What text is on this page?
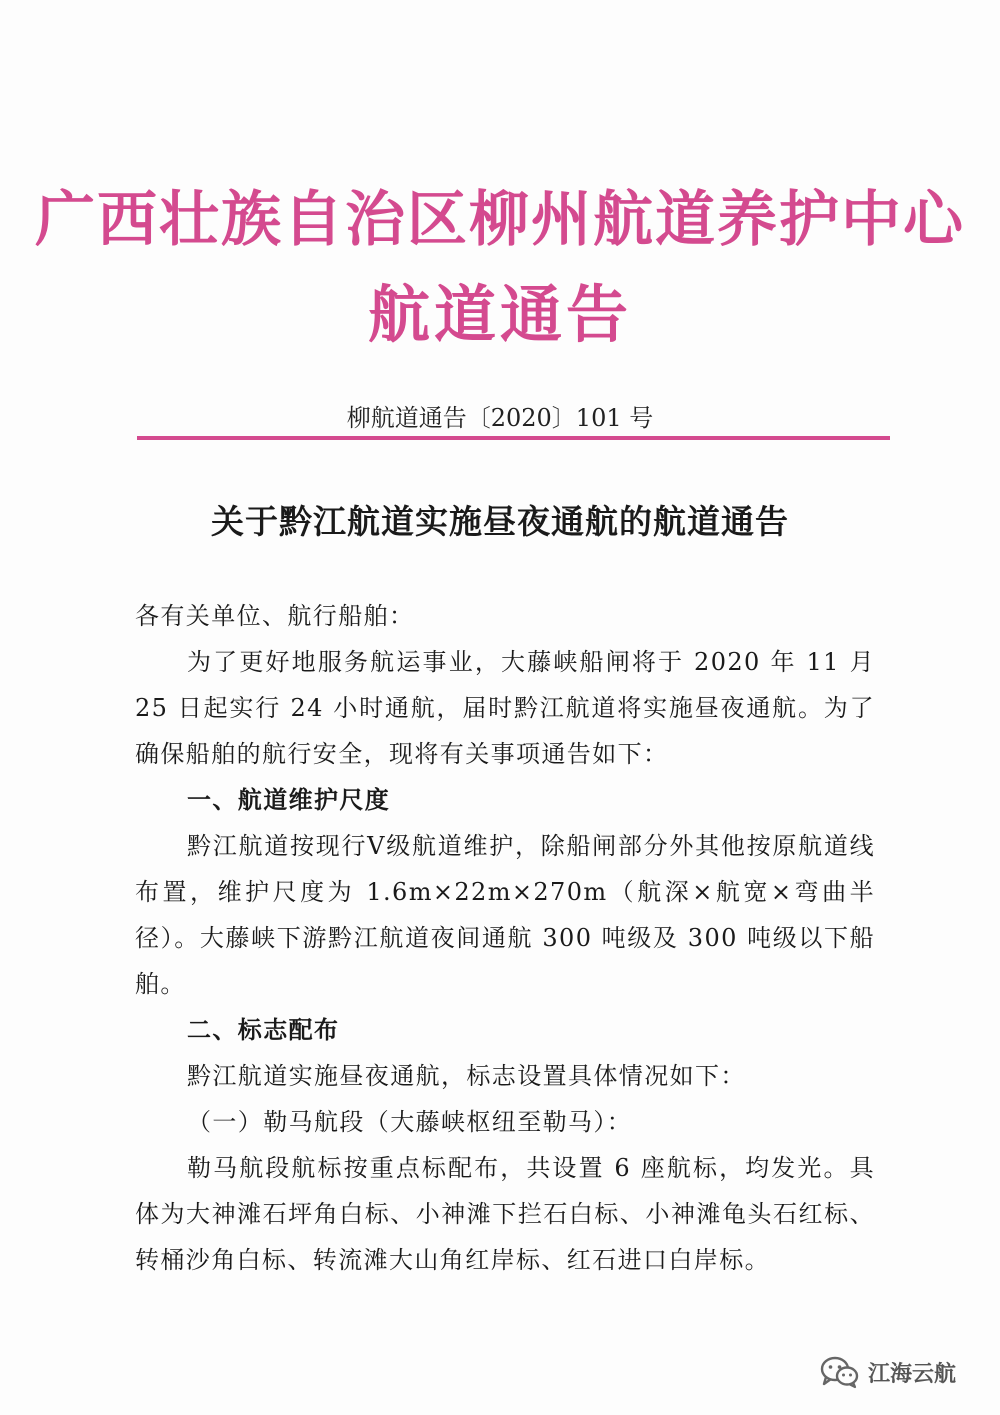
广西壮族自治区柳州航道养护中心
航道通告
柳航道通告〔2020〕101 号
关于黔江航道实施昼夜通航的航道通告

各有关单位、航行船舶：

为了更好地服务航运事业，大藤峡船闸将于 2020 年 11 月 25 日起实行 24 小时通航，届时黔江航道将实施昼夜通航。为了确保船舶的航行安全，现将有关事项通告如下：

一、航道维护尺度

黔江航道按现行Ⅴ级航道维护，除船闸部分外其他按原航道线布置，维护尺度为 1.6m×22m×270m（航深×航宽×弯曲半径）。大藤峡下游黔江航道夜间通航 300 吨级及 300 吨级以下船舶。

二、标志配布

黔江航道实施昼夜通航，标志设置具体情况如下：

（一）勒马航段（大藤峡枢纽至勒马）：

勒马航段航标按重点标配布，共设置 6 座航标，均发光。具体为大神滩石坪角白标、小神滩下拦石白标、小神滩龟头石红标、转桶沙角白标、转流滩大山角红岸标、红石进口白岸标。

江海云航
